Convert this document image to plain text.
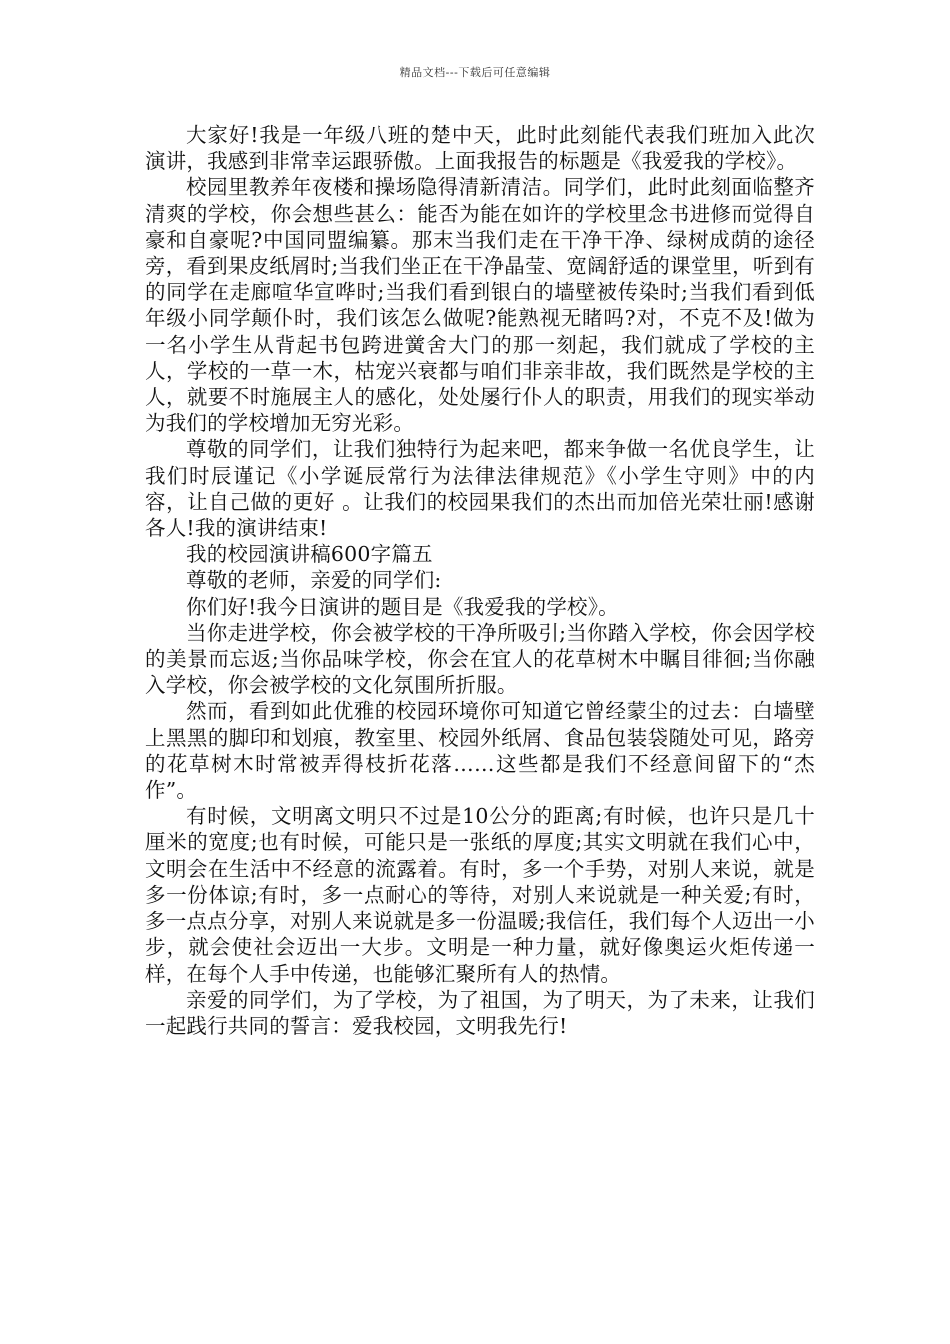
精品文档---下载后可任意编辑

大家好!我是一年级八班的楚中天，此时此刻能代表我们班加入此次演讲，我感到非常幸运跟骄傲。上面我报告的标题是《我爱我的学校》。

校园里教养年夜楼和操场隐得清新清洁。同学们，此时此刻面临整齐清爽的学校，你会想些甚么：能否为能在如许的学校里念书进修而觉得自豪和自豪呢?中国同盟编纂。那末当我们走在干净干净、绿树成荫的途径旁，看到果皮纸屑时;当我们坐正在干净晶莹、宽阔舒适的课堂里，听到有的同学在走廊喧华宣哗时;当我们看到银白的墙壁被传染时;当我们看到低年级小同学颠仆时，我们该怎么做呢?能熟视无睹吗?对，不克不及!做为一名小学生从背起书包跨进黉舍大门的那一刻起，我们就成了学校的主人，学校的一草一木，枯宠兴衰都与咱们非亲非故，我们既然是学校的主人，就要不时施展主人的感化，处处屡行仆人的职责，用我们的现实举动为我们的学校增加无穷光彩。

尊敬的同学们，让我们独特行为起来吧，都来争做一名优良学生，让我们时辰谨记《小学诞辰常行为法律法律规范》《小学生守则》中的内容，让自己做的更好 。让我们的校园果我们的杰出而加倍光荣壮丽!感谢各人!我的演讲结束!

我的校园演讲稿600字篇五

尊敬的老师，亲爱的同学们:

你们好!我今日演讲的题目是《我爱我的学校》。

当你走进学校，你会被学校的干净所吸引;当你踏入学校，你会因学校的美景而忘返;当你品味学校，你会在宜人的花草树木中瞩目徘徊;当你融入学校，你会被学校的文化氛围所折服。

然而，看到如此优雅的校园环境你可知道它曾经蒙尘的过去：白墙壁上黑黑的脚印和划痕，教室里、校园外纸屑、食品包装袋随处可见，路旁的花草树木时常被弄得枝折花落……这些都是我们不经意间留下的“杰作”。

有时候，文明离文明只不过是10公分的距离;有时候，也许只是几十厘米的宽度;也有时候，可能只是一张纸的厚度;其实文明就在我们心中，文明会在生活中不经意的流露着。有时，多一个手势，对别人来说，就是多一份体谅;有时，多一点耐心的等待，对别人来说就是一种关爱;有时，多一点点分享，对别人来说就是多一份温暖;我信任，我们每个人迈出一小步，就会使社会迈出一大步。文明是一种力量，就好像奥运火炬传递一样，在每个人手中传递，也能够汇聚所有人的热情。

亲爱的同学们，为了学校，为了祖国，为了明天，为了未来，让我们一起践行共同的誓言：爱我校园，文明我先行!
